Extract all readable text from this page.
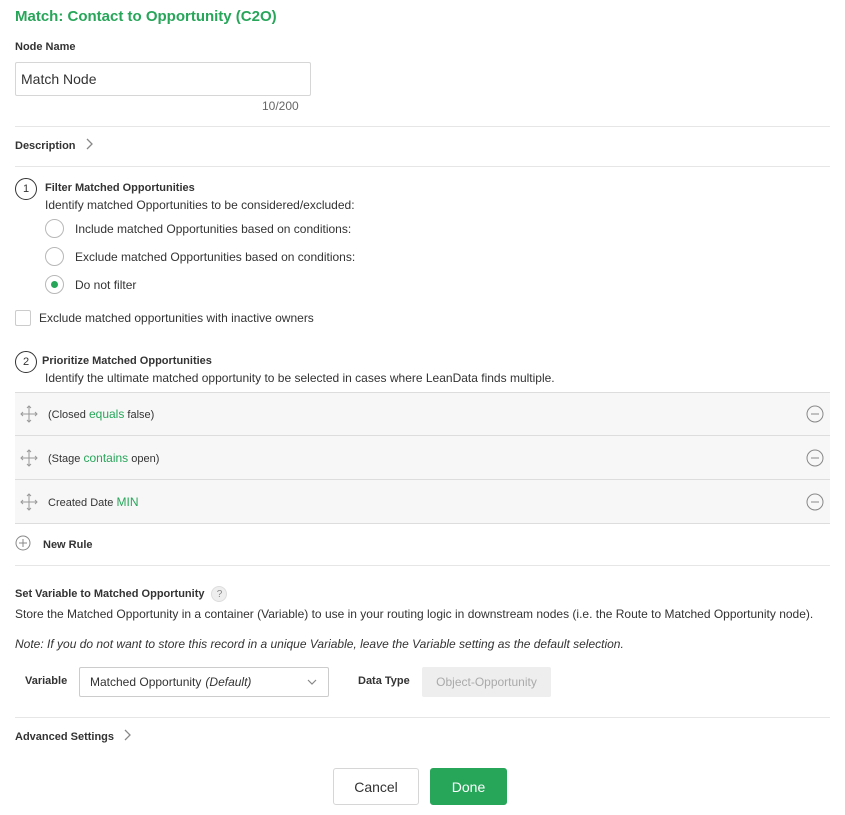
Match: Contact to Opportunity (C2O)
Node Name
Match Node
10/200
Description
1	Filter Matched Opportunities
Identify matched Opportunities to be considered/excluded:
Include matched Opportunities based on conditions:
Exclude matched Opportunities based on conditions:
Do not filter
Exclude matched opportunities with inactive owners
2	Prioritize Matched Opportunities
Identify the ultimate matched opportunity to be selected in cases where LeanData finds multiple.
(Closed equals false)
(Stage contains open)
Created Date MIN
New Rule
Set Variable to Matched Opportunity	?
Store the Matched Opportunity in a container (Variable) to use in your routing logic in downstream nodes (i.e. the Route to Matched Opportunity node).
Note: If you do not want to store this record in a unique Variable, leave the Variable setting as the default selection.
Variable Matched Opportunity (Default)	Data Type	Object-Opportunity
Advanced Settings
Cancel	Done
